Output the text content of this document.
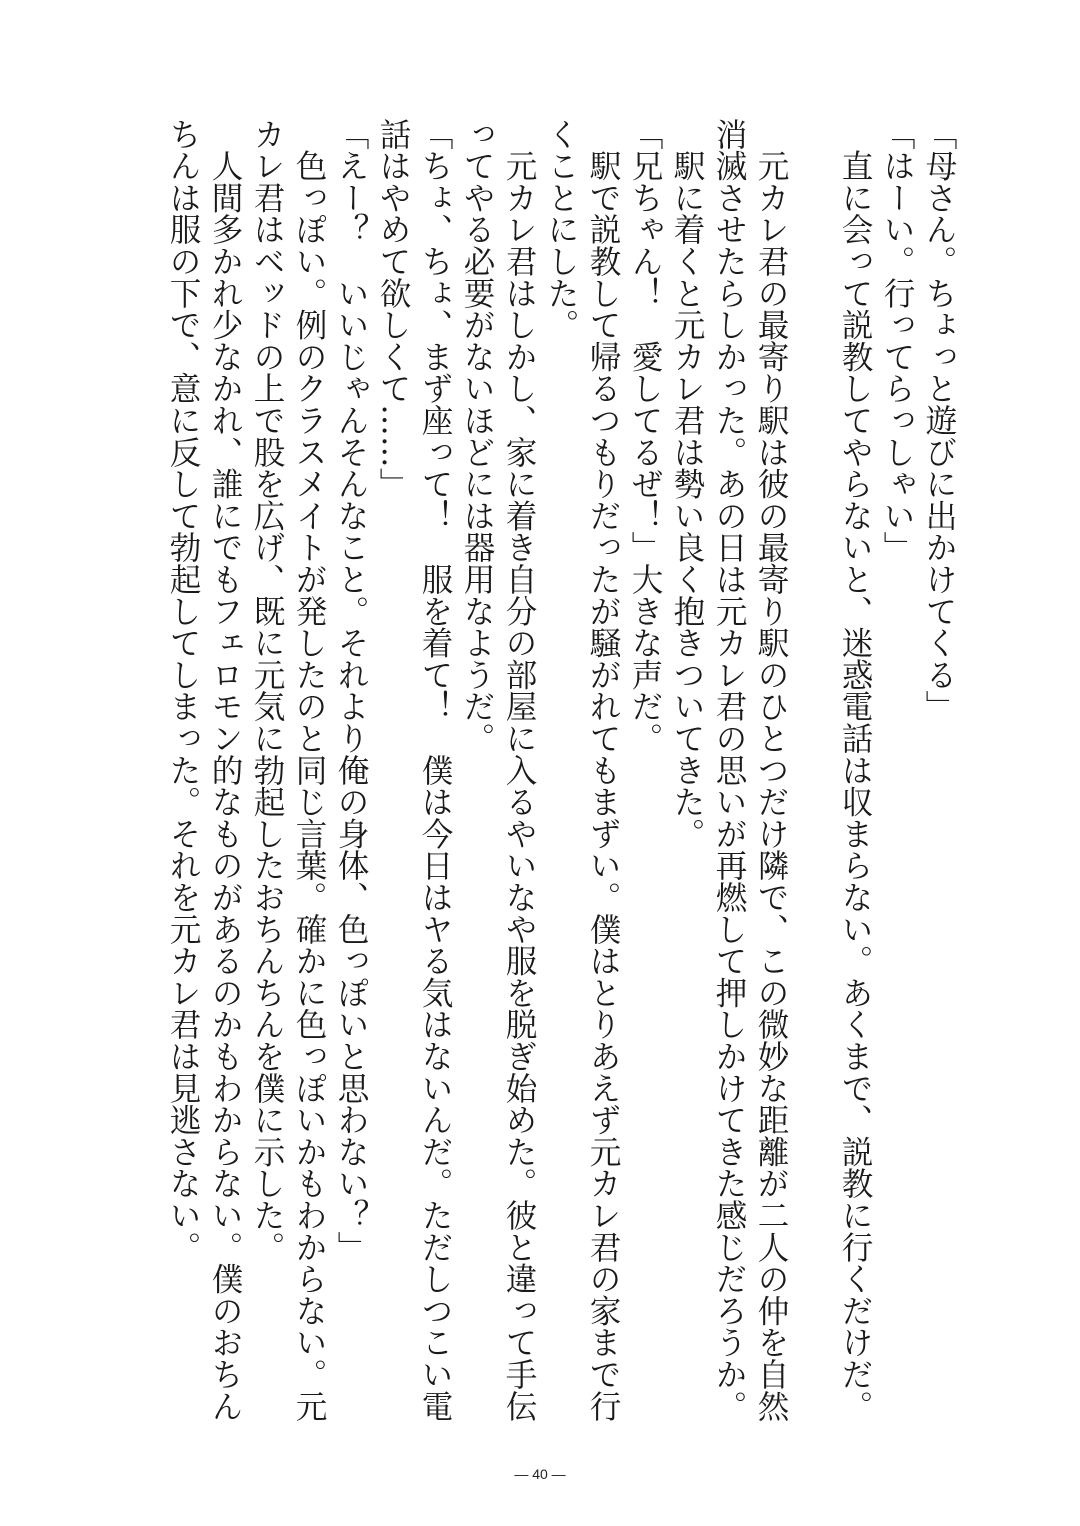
「母さん。ちょっと遊びに出かけてくる」
「はーい。行ってらっしゃい」
　直に会って説教してやらないと、迷惑電話は収まらない。あくまで、説教に行くだけだ。
　元カレ君の最寄り駅は彼の最寄り駅のひとつだけ隣で、この微妙な距離が二人の仲を自然
消滅させたらしかった。あの日は元カレ君の思いが再燃して押しかけてきた感じだろうか。
　駅に着くと元カレ君は勢い良く抱きついてきた。
「兄ちゃん！　愛してるぜ！」大きな声だ。
　駅で説教して帰るつもりだったが騒がれてもまずい。僕はとりあえず元カレ君の家まで行
くことにした。
　元カレ君はしかし、家に着き自分の部屋に入るやいなや服を脱ぎ始めた。彼と違って手伝
ってやる必要がないほどには器用なようだ。
「ちょ、ちょ、まず座って！　服を着て！　僕は今日はヤる気はないんだ。ただしつこい電
話はやめて欲しくて……」
「えー？　いいじゃんそんなこと。それより俺の身体、色っぽいと思わない？」
　色っぽい。例のクラスメイトが発したのと同じ言葉。確かに色っぽいかもわからない。元
カレ君はベッドの上で股を広げ、既に元気に勃起したおちんちんを僕に示した。
　人間多かれ少なかれ、誰にでもフェロモン的なものがあるのかもわからない。僕のおちん
ちんは服の下で、意に反して勃起してしまった。それを元カレ君は見逃さない。
― 40 ―
